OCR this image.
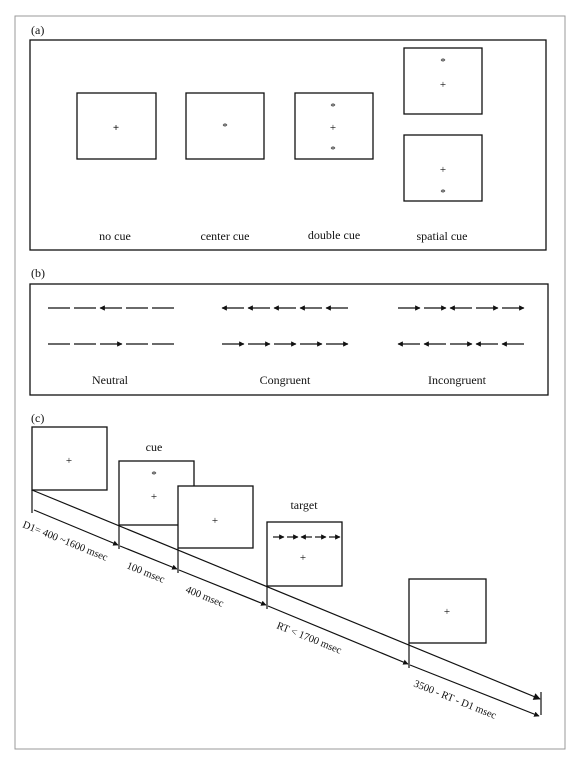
(a)
+
no cue
*
center cue
*
+
*
double cue
*
+
+
*
spatial cue
(b)
Neutral	Congruent	Incongruent
(c)
+
cue
*
+
+
target
→→←→→
+
+
D1= 400 ~1600 msec
100 msec
400 msec
RT < 1700 msec
3500 - RT - D1 msec
